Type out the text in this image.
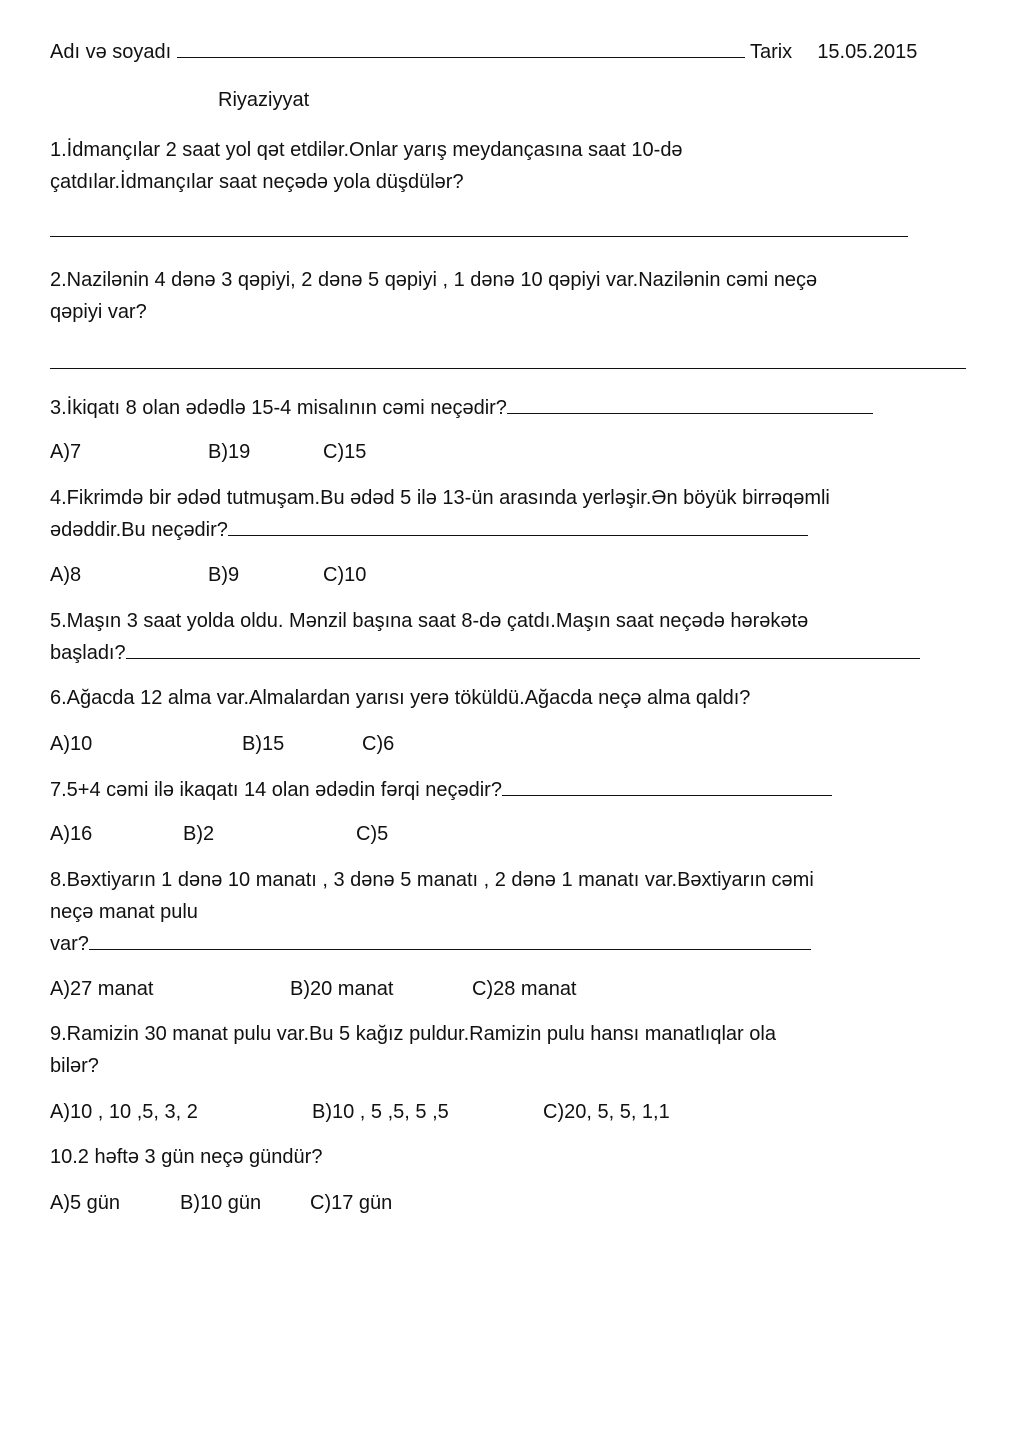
Adı və soyadı	Tarix 15.05.2015
Riyaziyyat
1.İdmançılar 2 saat yol qət etdilər.Onlar yarış meydançasına saat 10-də
çatdılar.İdmançılar saat neçədə yola düşdülər?
2.Nazilənin 4 dənə 3 qəpiyi, 2 dənə 5 qəpiyi , 1 dənə 10 qəpiyi var.Nazilənin cəmi neçə
qəpiyi var?
3.İkiqatı 8 olan ədədlə 15-4 misalının cəmi neçədir?
A)7	B)19	C)15
4.Fikrimdə bir ədəd tutmuşam.Bu ədəd 5 ilə 13-ün arasında yerləşir.Ən böyük birrəqəmli
ədəddir.Bu neçədir?
A)8	B)9	C)10
5.Maşın 3 saat yolda oldu. Mənzil başına saat 8-də çatdı.Maşın saat neçədə hərəkətə
başladı?
6.Ağacda 12 alma var.Almalardan yarısı yerə töküldü.Ağacda neçə alma qaldı?
A)10	B)15	C)6
7.5+4 cəmi ilə ikaqatı 14 olan ədədin fərqi neçədir?
A)16	B)2	C)5
8.Bəxtiyarın 1 dənə 10 manatı , 3 dənə 5 manatı , 2 dənə 1 manatı var.Bəxtiyarın cəmi
neçə manat pulu
var?
A)27 manat	B)20 manat	C)28 manat
9.Ramizin 30 manat pulu var.Bu 5 kağız puldur.Ramizin pulu hansı manatlıqlar ola
bilər?
A)10 , 10 ,5, 3, 2	B)10 , 5 ,5, 5 ,5	C)20, 5, 5, 1,1
10.2 həftə 3 gün neçə gündür?
A)5 gün	B)10 gün C)17 gün
